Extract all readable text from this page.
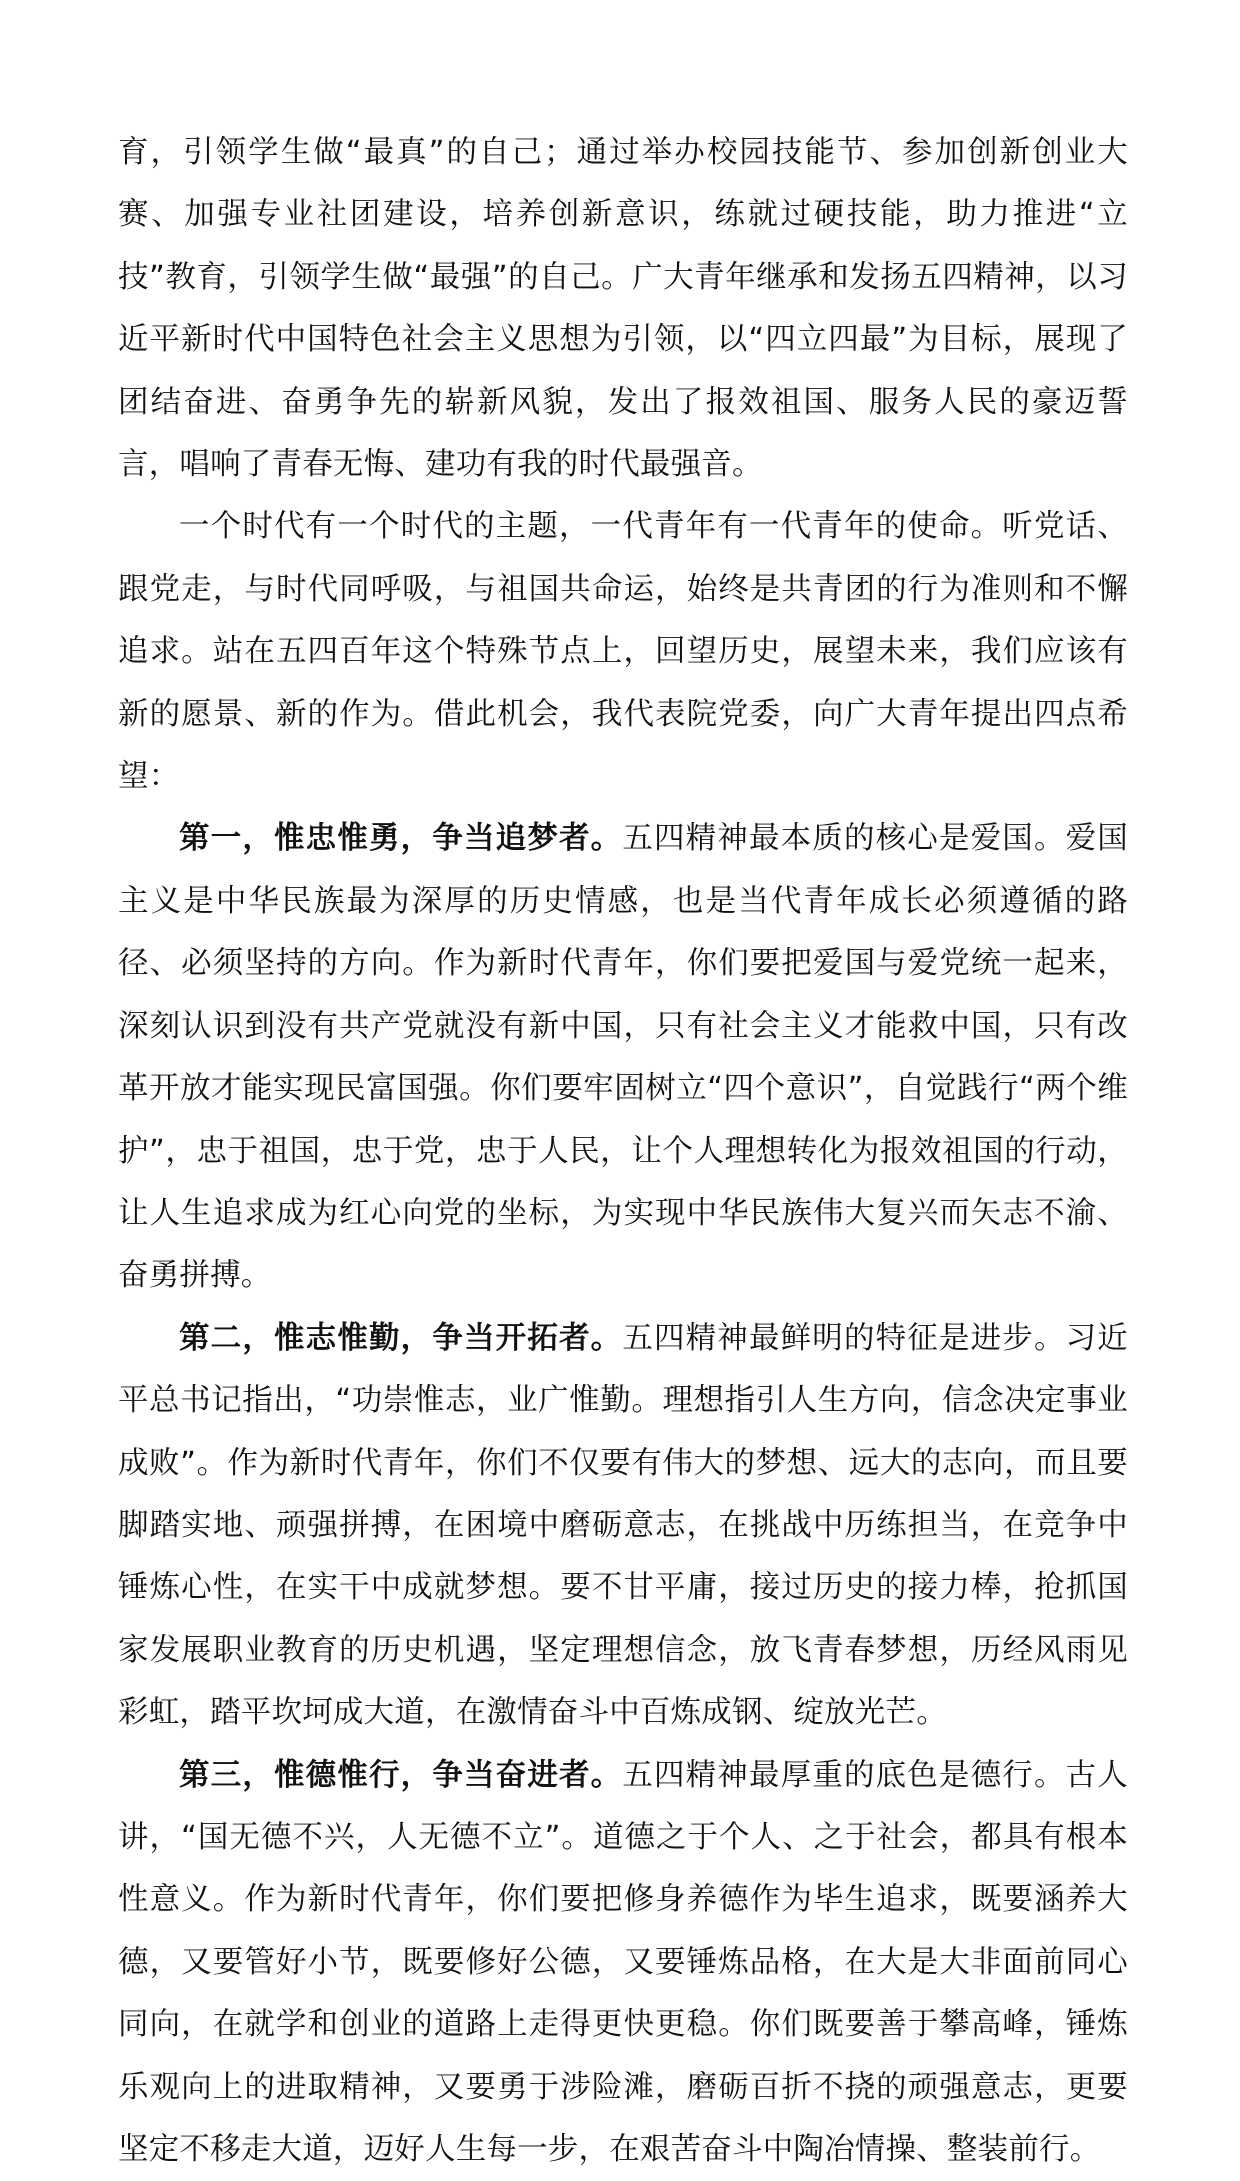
育，引领学生做“最真”的自己；通过举办校园技能节、参加创新创业大赛、加强专业社团建设，培养创新意识，练就过硬技能，助力推进“立技”教育，引领学生做“最强”的自己。广大青年继承和发扬五四精神，以习近平新时代中国特色社会主义思想为引领，以“四立四最”为目标，展现了团结奋进、奋勇争先的崭新风貌，发出了报效祖国、服务人民的豪迈誓言，唱响了青春无悔、建功有我的时代最强音。

一个时代有一个时代的主题，一代青年有一代青年的使命。听党话、跟党走，与时代同呼吸，与祖国共命运，始终是共青团的行为准则和不懈追求。站在五四百年这个特殊节点上，回望历史，展望未来，我们应该有新的愿景、新的作为。借此机会，我代表院党委，向广大青年提出四点希望：

第一，惟忠惟勇，争当追梦者。五四精神最本质的核心是爱国。爱国主义是中华民族最为深厚的历史情感，也是当代青年成长必须遵循的路径、必须坚持的方向。作为新时代青年，你们要把爱国与爱党统一起来，深刻认识到没有共产党就没有新中国，只有社会主义才能救中国，只有改革开放才能实现民富国强。你们要牢固树立“四个意识”，自觉践行“两个维护”，忠于祖国，忠于党，忠于人民，让个人理想转化为报效祖国的行动，让人生追求成为红心向党的坐标，为实现中华民族伟大复兴而矢志不渝、奋勇拼搏。

第二，惟志惟勤，争当开拓者。五四精神最鲜明的特征是进步。习近平总书记指出，“功崇惟志，业广惟勤。理想指引人生方向，信念决定事业成败”。作为新时代青年，你们不仅要有伟大的梦想、远大的志向，而且要脚踏实地、顽强拼搏，在困境中磨砺意志，在挑战中历练担当，在竞争中锤炼心性，在实干中成就梦想。要不甘平庸，接过历史的接力棒，抢抓国家发展职业教育的历史机遇，坚定理想信念，放飞青春梦想，历经风雨见彩虹，踏平坎坷成大道，在激情奋斗中百炼成钢、绽放光芒。

第三，惟德惟行，争当奋进者。五四精神最厚重的底色是德行。古人讲，“国无德不兴，人无德不立”。道德之于个人、之于社会，都具有根本性意义。作为新时代青年，你们要把修身养德作为毕生追求，既要涵养大德，又要管好小节，既要修好公德，又要锤炼品格，在大是大非面前同心同向，在就学和创业的道路上走得更快更稳。你们既要善于攀高峰，锤炼乐观向上的进取精神，又要勇于涉险滩，磨砺百折不挠的顽强意志，更要坚定不移走大道，迈好人生每一步，在艰苦奋斗中陶冶情操、整装前行。
